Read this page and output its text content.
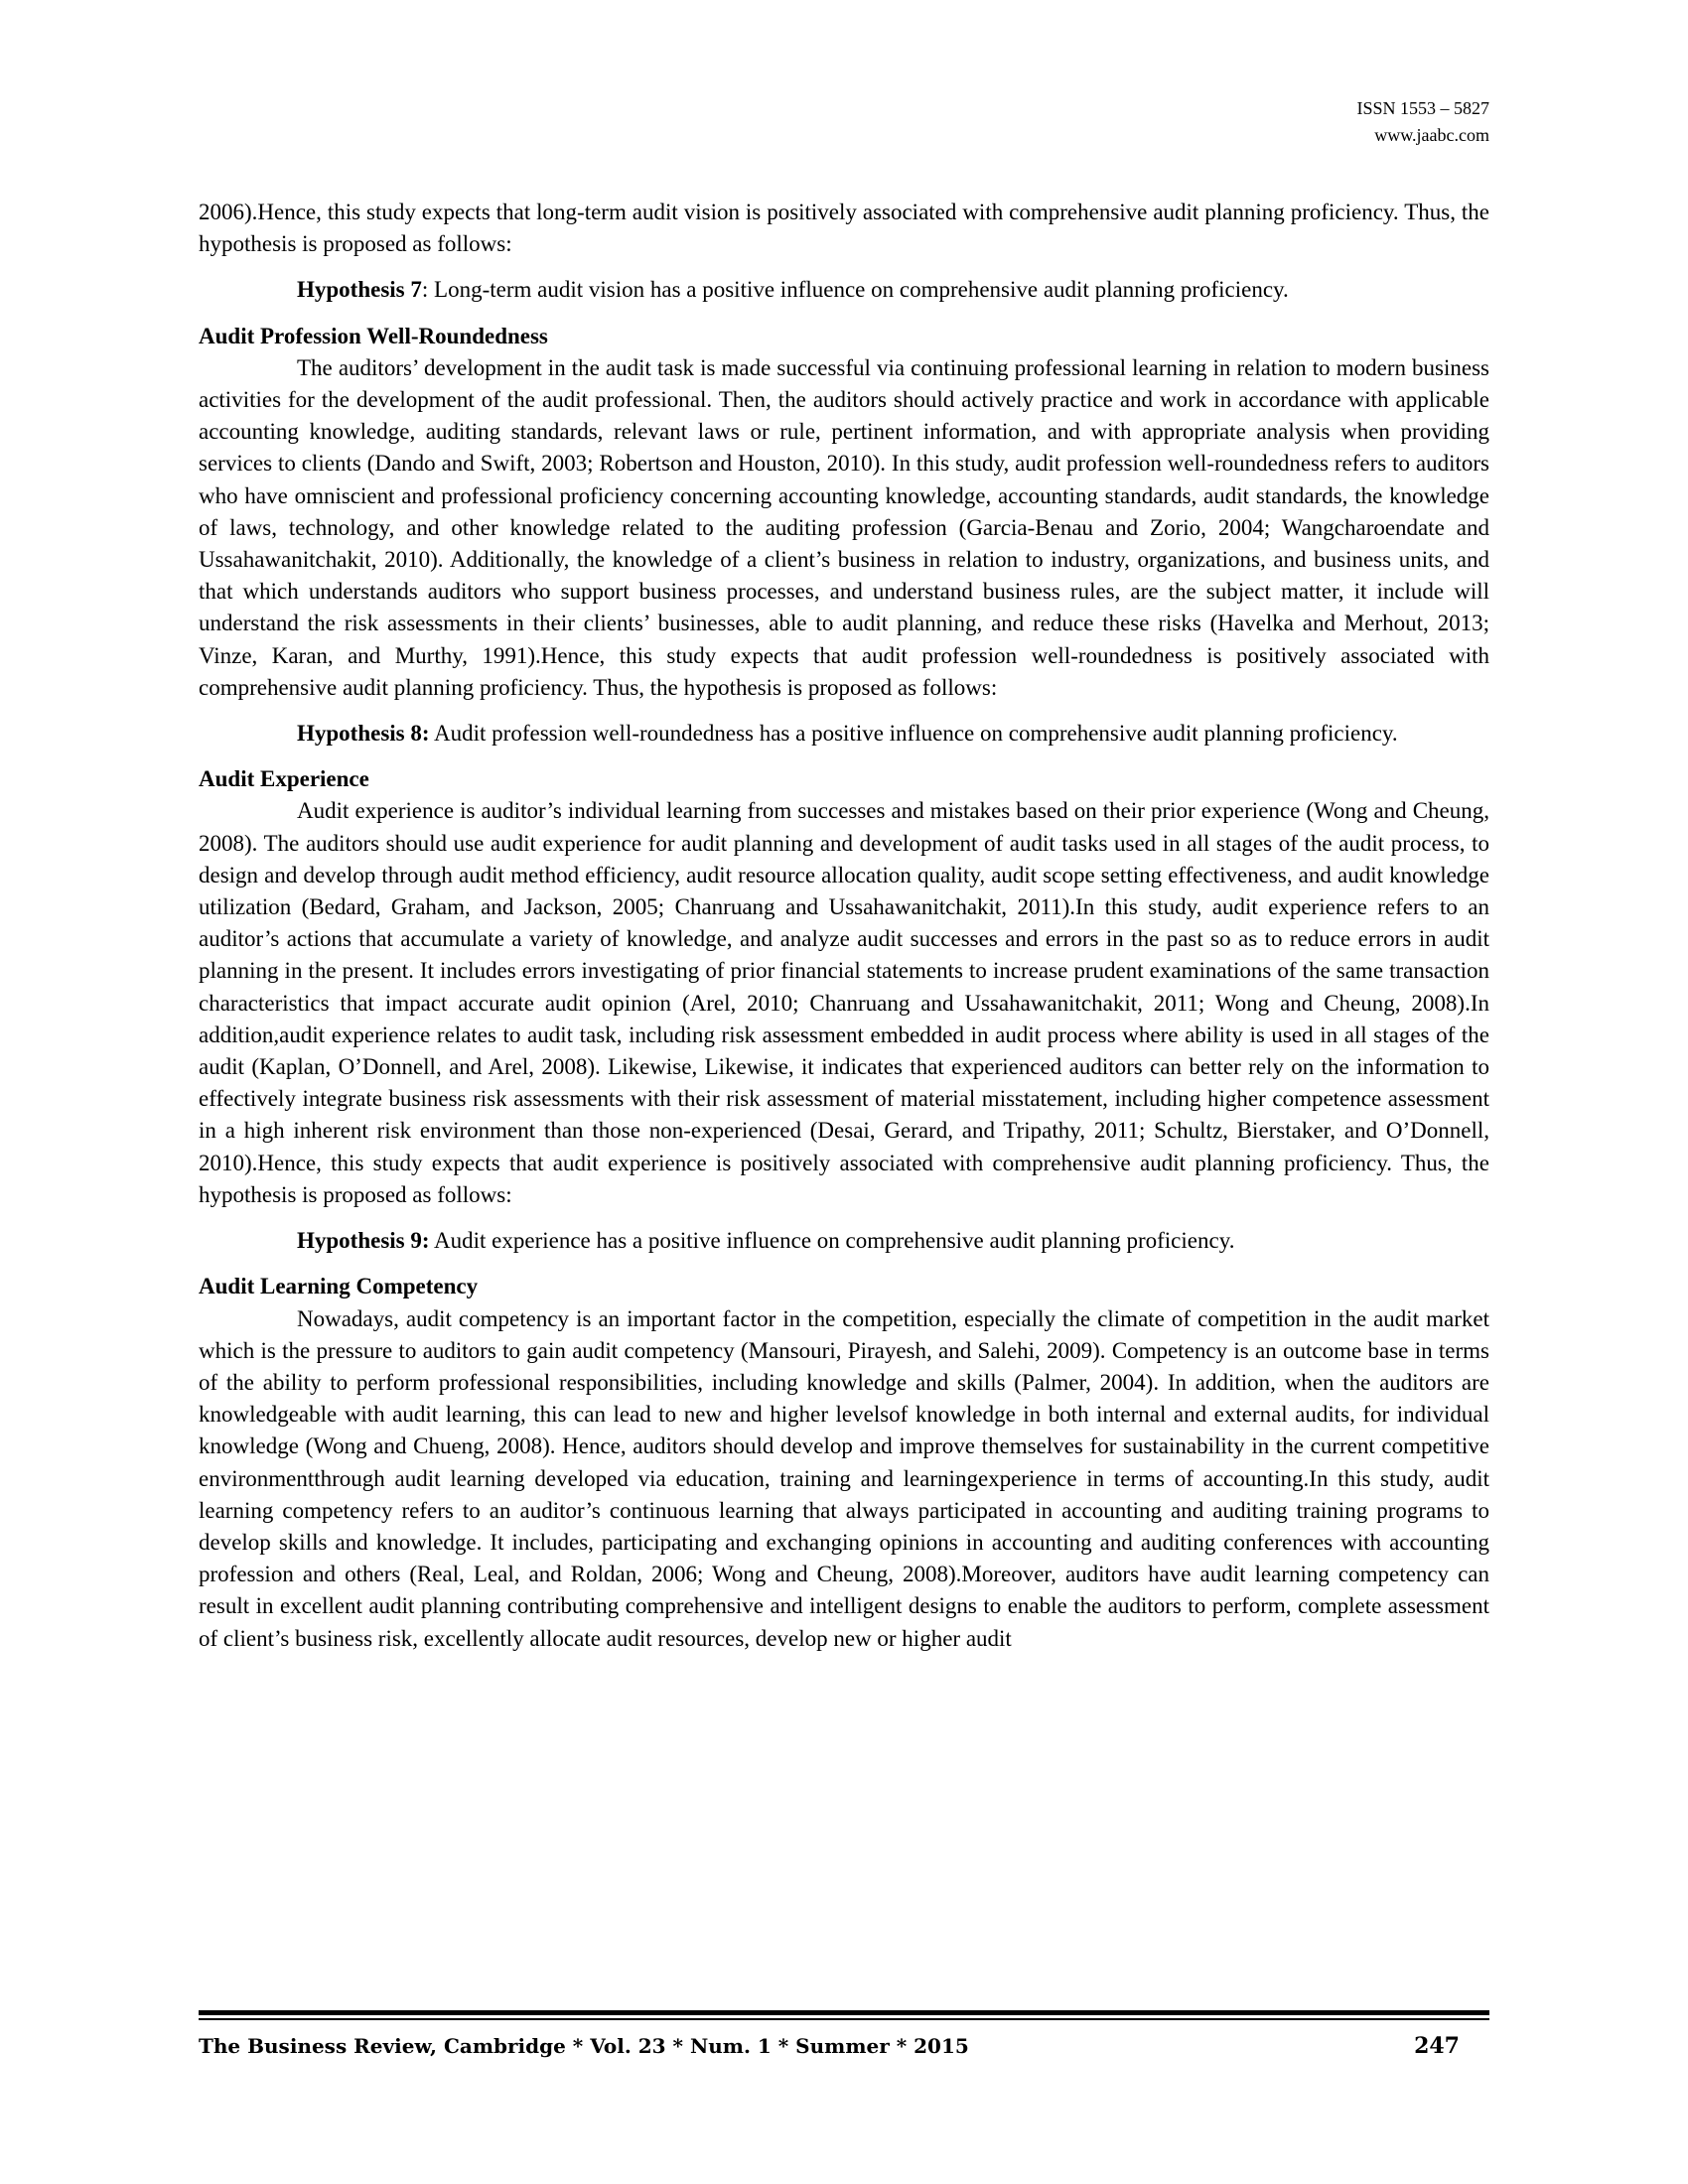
ISSN 1553 – 5827
www.jaabc.com

2006).Hence, this study expects that long-term audit vision is positively associated with comprehensive audit planning proficiency. Thus, the hypothesis is proposed as follows:

Hypothesis 7: Long-term audit vision has a positive influence on comprehensive audit planning proficiency.

Audit Profession Well-Roundedness

The auditors’ development in the audit task is made successful via continuing professional learning in relation to modern business activities for the development of the audit professional. Then, the auditors should actively practice and work in accordance with applicable accounting knowledge, auditing standards, relevant laws or rule, pertinent information, and with appropriate analysis when providing services to clients (Dando and Swift, 2003; Robertson and Houston, 2010). In this study, audit profession well-roundedness refers to auditors who have omniscient and professional proficiency concerning accounting knowledge, accounting standards, audit standards, the knowledge of laws, technology, and other knowledge related to the auditing profession (Garcia-Benau and Zorio, 2004; Wangcharoendate and Ussahawanitchakit, 2010). Additionally, the knowledge of a client’s business in relation to industry, organizations, and business units, and that which understands auditors who support business processes, and understand business rules, are the subject matter, it include will understand the risk assessments in their clients’ businesses, able to audit planning, and reduce these risks (Havelka and Merhout, 2013; Vinze, Karan, and Murthy, 1991).Hence, this study expects that audit profession well-roundedness is positively associated with comprehensive audit planning proficiency. Thus, the hypothesis is proposed as follows:

Hypothesis 8: Audit profession well-roundedness has a positive influence on comprehensive audit planning proficiency.

Audit Experience

Audit experience is auditor’s individual learning from successes and mistakes based on their prior experience (Wong and Cheung, 2008). The auditors should use audit experience for audit planning and development of audit tasks used in all stages of the audit process, to design and develop through audit method efficiency, audit resource allocation quality, audit scope setting effectiveness, and audit knowledge utilization (Bedard, Graham, and Jackson, 2005; Chanruang and Ussahawanitchakit, 2011).In this study, audit experience refers to an auditor’s actions that accumulate a variety of knowledge, and analyze audit successes and errors in the past so as to reduce errors in audit planning in the present. It includes errors investigating of prior financial statements to increase prudent examinations of the same transaction characteristics that impact accurate audit opinion (Arel, 2010; Chanruang and Ussahawanitchakit, 2011; Wong and Cheung, 2008).In addition,audit experience relates to audit task, including risk assessment embedded in audit process where ability is used in all stages of the audit (Kaplan, O’Donnell, and Arel, 2008). Likewise, Likewise, it indicates that experienced auditors can better rely on the information to effectively integrate business risk assessments with their risk assessment of material misstatement, including higher competence assessment in a high inherent risk environment than those non-experienced (Desai, Gerard, and Tripathy, 2011; Schultz, Bierstaker, and O’Donnell, 2010).Hence, this study expects that audit experience is positively associated with comprehensive audit planning proficiency. Thus, the hypothesis is proposed as follows:

Hypothesis 9: Audit experience has a positive influence on comprehensive audit planning proficiency.

Audit Learning Competency

Nowadays, audit competency is an important factor in the competition, especially the climate of competition in the audit market which is the pressure to auditors to gain audit competency (Mansouri, Pirayesh, and Salehi, 2009). Competency is an outcome base in terms of the ability to perform professional responsibilities, including knowledge and skills (Palmer, 2004). In addition, when the auditors are knowledgeable with audit learning, this can lead to new and higher levelsof knowledge in both internal and external audits, for individual knowledge (Wong and Chueng, 2008). Hence, auditors should develop and improve themselves for sustainability in the current competitive environmentthrough audit learning developed via education, training and learningexperience in terms of accounting.In this study, audit learning competency refers to an auditor’s continuous learning that always participated in accounting and auditing training programs to develop skills and knowledge. It includes, participating and exchanging opinions in accounting and auditing conferences with accounting profession and others (Real, Leal, and Roldan, 2006; Wong and Cheung, 2008).Moreover, auditors have audit learning competency can result in excellent audit planning contributing comprehensive and intelligent designs to enable the auditors to perform, complete assessment of client’s business risk, excellently allocate audit resources, develop new or higher audit

The Business Review, Cambridge * Vol. 23 * Num. 1 * Summer * 2015	247
